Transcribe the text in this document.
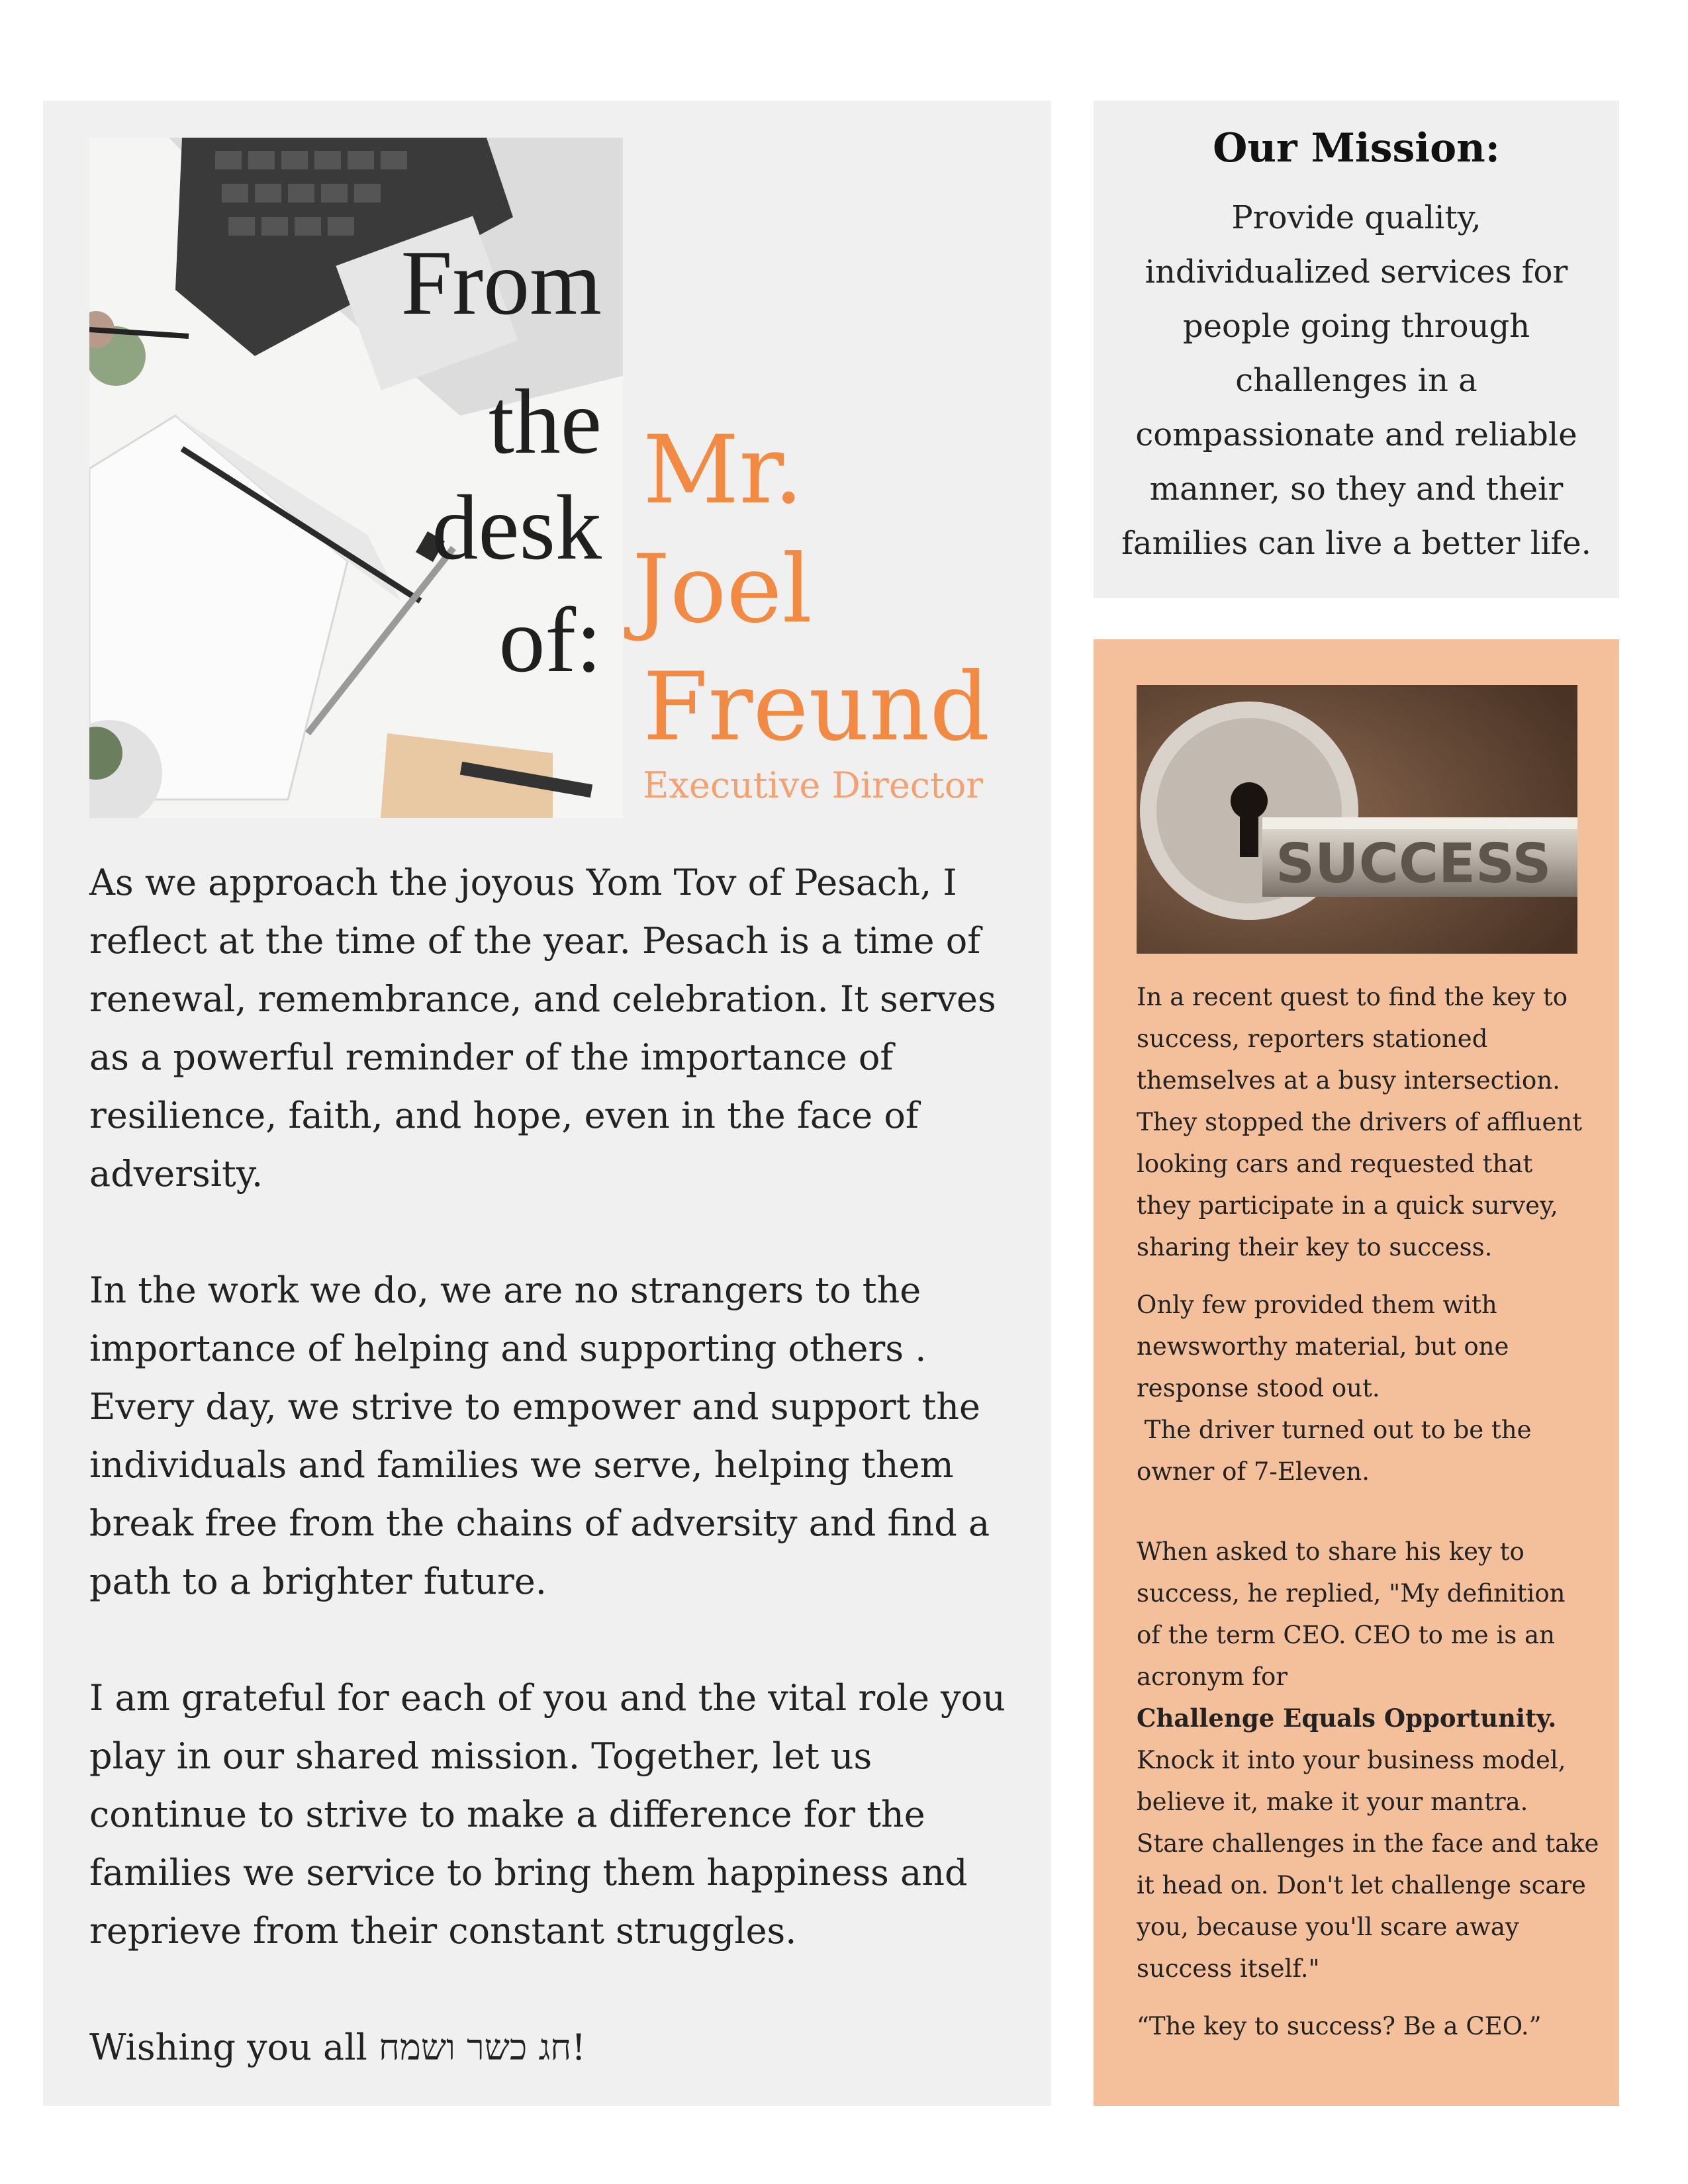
From

the

desk

of:

Mr.

Joel

Freund

Executive Director

As we approach the joyous Yom Tov of Pesach, I reflect at the time of the year. Pesach is a time of renewal, remembrance, and celebration. It serves as a powerful reminder of the importance of resilience, faith, and hope, even in the face of adversity.

In the work we do, we are no strangers to the importance of helping and supporting others . Every day, we strive to empower and support the individuals and families we serve, helping them break free from the chains of adversity and find a path to a brighter future.

I am grateful for each of you and the vital role you play in our shared mission. Together, let us continue to strive to make a difference for the families we service to bring them happiness and reprieve from their constant struggles.

Wishing you all חג כשר ושמח!

Our Mission:

Provide quality, individualized services for people going through challenges in a compassionate and reliable manner, so they and their families can live a better life.

SUCCESS

In a recent quest to find the key to
success, reporters stationed
themselves at a busy intersection.
They stopped the drivers of affluent
looking cars and requested that
they participate in a quick survey,
sharing their key to success.

Only few provided them with
newsworthy material, but one
response stood out.
The driver turned out to be the
owner of 7-Eleven.

When asked to share his key to
success, he replied, "My definition
of the term CEO. CEO to me is an
acronym for
Challenge Equals Opportunity.
Knock it into your business model,
believe it, make it your mantra.
Stare challenges in the face and take
it head on. Don't let challenge scare
you, because you'll scare away
success itself."

“The key to success? Be a CEO.”
